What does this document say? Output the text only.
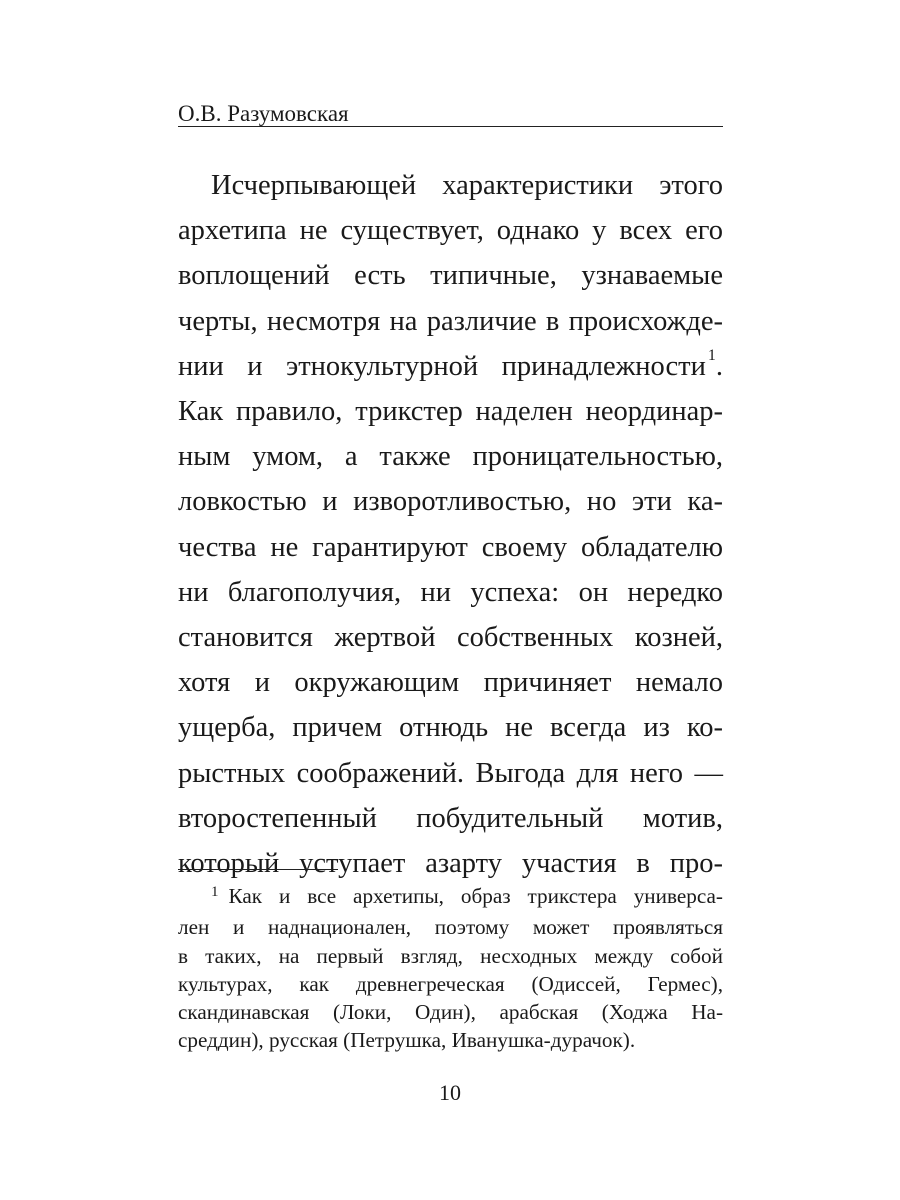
О.В. Разумовская
Исчерпывающей характеристики этого
архетипа не существует, однако у всех его
воплощений есть типичные, узнаваемые
черты, несмотря на различие в происхожде-
нии и этнокультурной принадлежности $^1$.
Как правило, трикстер наделен неординар-
ным умом, а также проницательностью,
ловкостью и изворотливостью, но эти ка-
чества не гарантируют своему обладателю
ни благополучия, ни успеха: он нередко
становится жертвой собственных козней,
хотя и окружающим причиняет немало
ущерба, причем отнюдь не всегда из ко-
рыстных соображений. Выгода для него —
второстепенный побудительный мотив,
который уступает азарту участия в про-
$^1$ Как и все архетипы, образ трикстера универса-
лен и наднационален, поэтому может проявляться
в таких, на первый взгляд, несходных между собой
культурах, как древнегреческая (Одиссей, Гермес),
скандинавская (Локи, Один), арабская (Ходжа На-
среддин), русская (Петрушка, Иванушка-дурачок).
10
